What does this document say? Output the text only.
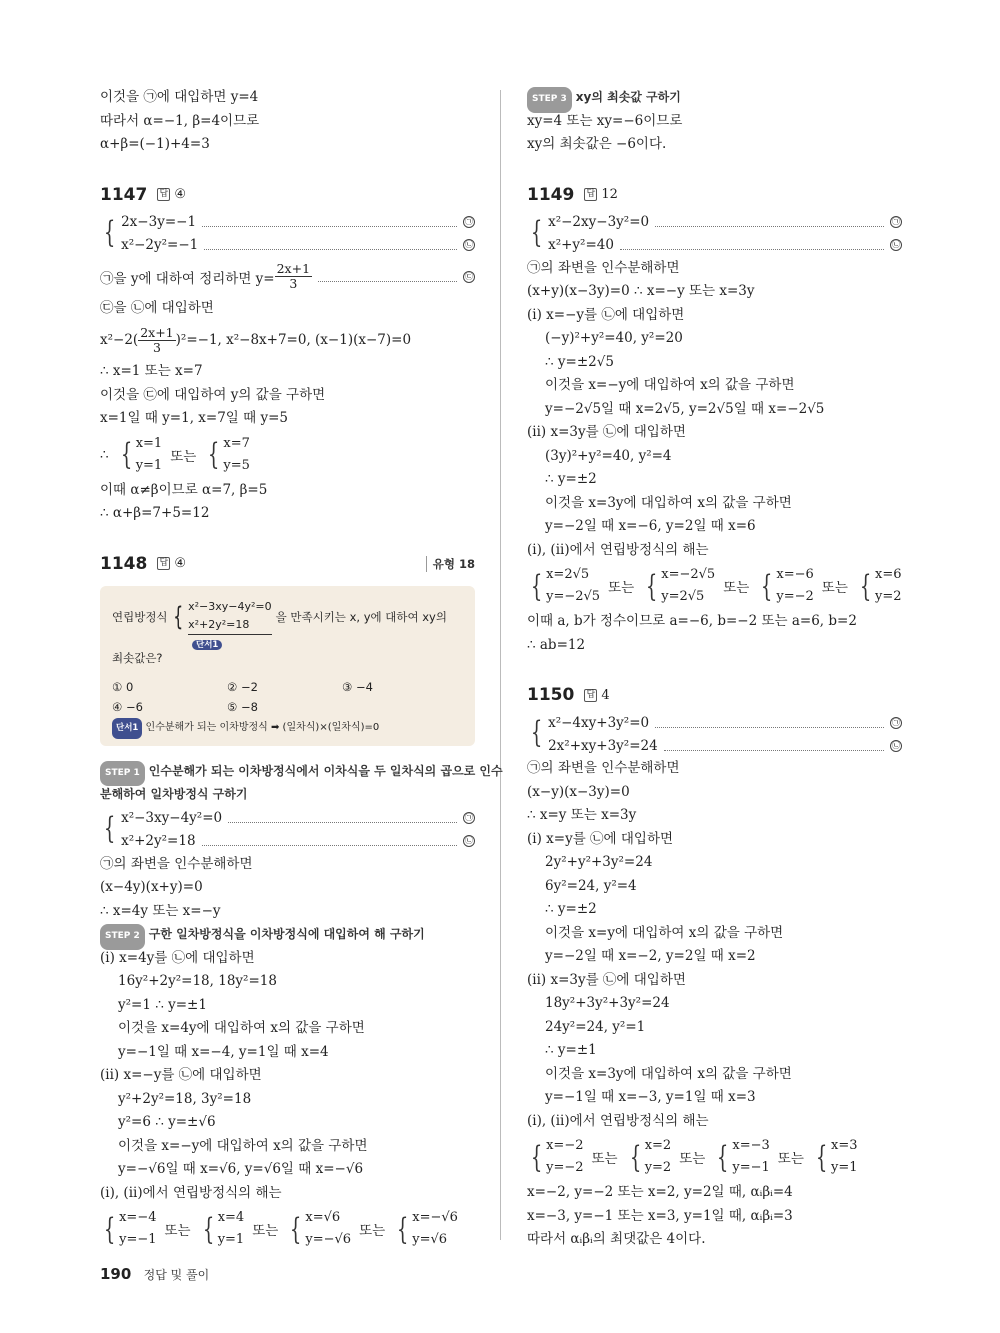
이것을 ㉠에 대입하면 y=4
따라서 α=−1, β=4이므로
α+β=(−1)+4=3
1147 답 ④
{ 2x−3y=−1	㉠
x²−2y²=−1	㉡
㉠을 y에 대하여 정리하면 $y= \frac{2x+1}{3}$	㉢
㉢을 ㉡에 대입하면
$x^2-2( \frac{2x+1}{3} )^2=-1$, x²−8x+7=0, (x−1)(x−7)=0
∴ x=1 또는 x=7
이것을 ㉢에 대입하여 y의 값을 구하면
x=1일 때 y=1, x=7일 때 y=5
∴ { x=1
y=1
또는 { x=7
y=5
이때 α≠β이므로 α=7, β=5
∴ α+β=7+5=12
1148 답 ④	유형 18
연립방정식 { x²−3xy−4y²=0
x²+2y²=18
을 만족시키는 x, y에 대하여 xy의
단서1
최솟값은?
① 0	② −2	③ −4
④ −6	⑤ −8
단서1 인수분해가 되는 이차방정식 ➡ (일차식)×(일차식)=0
STEP 1 인수분해가 되는 이차방정식에서 이차식을 두 일차식의 곱으로 인수
분해하여 일차방정식 구하기
{ x²−3xy−4y²=0	㉠
x²+2y²=18	㉡
㉠의 좌변을 인수분해하면
(x−4y)(x+y)=0
∴ x=4y 또는 x=−y
STEP 2 구한 일차방정식을 이차방정식에 대입하여 해 구하기
(i) x=4y를 ㉡에 대입하면
16y²+2y²=18, 18y²=18
y²=1 ∴ y=±1
이것을 x=4y에 대입하여 x의 값을 구하면
y=−1일 때 x=−4, y=1일 때 x=4
(ii) x=−y를 ㉡에 대입하면
y²+2y²=18, 3y²=18
y²=6 ∴ y=±√6
이것을 x=−y에 대입하여 x의 값을 구하면
y=−√6일 때 x=√6, y=√6일 때 x=−√6
(i), (ii)에서 연립방정식의 해는
{ x=−4
y=−1
또는 { x=4
y=1
또는 { x=√6
y=−√6
또는 { x=−√6
y=√6
STEP 3 xy의 최솟값 구하기
xy=4 또는 xy=−6이므로
xy의 최솟값은 −6이다.
1149 답 12
{ x²−2xy−3y²=0	㉠
x²+y²=40	㉡
㉠의 좌변을 인수분해하면
(x+y)(x−3y)=0 ∴ x=−y 또는 x=3y
(i) x=−y를 ㉡에 대입하면
(−y)²+y²=40, y²=20
∴ y=±2√5
이것을 x=−y에 대입하여 x의 값을 구하면
y=−2√5일 때 x=2√5, y=2√5일 때 x=−2√5
(ii) x=3y를 ㉡에 대입하면
(3y)²+y²=40, y²=4
∴ y=±2
이것을 x=3y에 대입하여 x의 값을 구하면
y=−2일 때 x=−6, y=2일 때 x=6
(i), (ii)에서 연립방정식의 해는
{ x=2√5
y=−2√5
또는 { x=−2√5
y=2√5
또는 { x=−6
y=−2
또는 { x=6
y=2
이때 a, b가 정수이므로 a=−6, b=−2 또는 a=6, b=2
∴ ab=12
1150 답 4
{ x²−4xy+3y²=0	㉠
2x²+xy+3y²=24	㉡
㉠의 좌변을 인수분해하면
(x−y)(x−3y)=0
∴ x=y 또는 x=3y
(i) x=y를 ㉡에 대입하면
2y²+y²+3y²=24
6y²=24, y²=4
∴ y=±2
이것을 x=y에 대입하여 x의 값을 구하면
y=−2일 때 x=−2, y=2일 때 x=2
(ii) x=3y를 ㉡에 대입하면
18y²+3y²+3y²=24
24y²=24, y²=1
∴ y=±1
이것을 x=3y에 대입하여 x의 값을 구하면
y=−1일 때 x=−3, y=1일 때 x=3
(i), (ii)에서 연립방정식의 해는
{ x=−2
y=−2
또는 { x=2
y=2
또는 { x=−3
y=−1
또는 { x=3
y=1
x=−2, y=−2 또는 x=2, y=2일 때, αᵢβᵢ=4
x=−3, y=−1 또는 x=3, y=1일 때, αᵢβᵢ=3
따라서 αᵢβᵢ의 최댓값은 4이다.
190 정답 및 풀이
